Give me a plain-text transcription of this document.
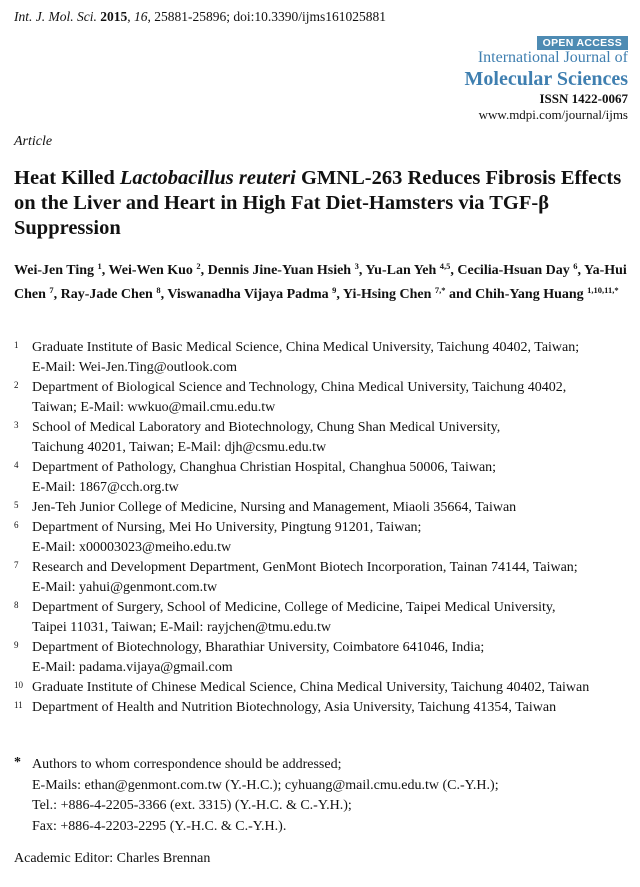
Int. J. Mol. Sci. 2015, 16, 25881-25896; doi:10.3390/ijms161025881
OPEN ACCESS
International Journal of
Molecular Sciences
ISSN 1422-0067
www.mdpi.com/journal/ijms
Article
Heat Killed Lactobacillus reuteri GMNL-263 Reduces Fibrosis Effects on the Liver and Heart in High Fat Diet-Hamsters via TGF-β Suppression
Wei-Jen Ting $^1$, Wei-Wen Kuo $^2$, Dennis Jine-Yuan Hsieh $^3$, Yu-Lan Yeh $^{4,5}$, Cecilia-Hsuan Day $^6$, Ya-Hui Chen $^7$, Ray-Jade Chen $^8$, Viswanadha Vijaya Padma $^9$, Yi-Hsing Chen $^{7,*}$ and Chih-Yang Huang $^{1,10,11,*}$
1 Graduate Institute of Basic Medical Science, China Medical University, Taichung 40402, Taiwan;
E-Mail: Wei-Jen.Ting@outlook.com
2 Department of Biological Science and Technology, China Medical University, Taichung 40402,
Taiwan; E-Mail: wwkuo@mail.cmu.edu.tw
3 School of Medical Laboratory and Biotechnology, Chung Shan Medical University,
Taichung 40201, Taiwan; E-Mail: djh@csmu.edu.tw
4 Department of Pathology, Changhua Christian Hospital, Changhua 50006, Taiwan;
E-Mail: 1867@cch.org.tw
5 Jen-Teh Junior College of Medicine, Nursing and Management, Miaoli 35664, Taiwan
6 Department of Nursing, Mei Ho University, Pingtung 91201, Taiwan;
E-Mail: x00003023@meiho.edu.tw
7 Research and Development Department, GenMont Biotech Incorporation, Tainan 74144, Taiwan;
E-Mail: yahui@genmont.com.tw
8 Department of Surgery, School of Medicine, College of Medicine, Taipei Medical University,
Taipei 11031, Taiwan; E-Mail: rayjchen@tmu.edu.tw
9 Department of Biotechnology, Bharathiar University, Coimbatore 641046, India;
E-Mail: padama.vijaya@gmail.com
10 Graduate Institute of Chinese Medical Science, China Medical University, Taichung 40402, Taiwan
11 Department of Health and Nutrition Biotechnology, Asia University, Taichung 41354, Taiwan
* Authors to whom correspondence should be addressed;
E-Mails: ethan@genmont.com.tw (Y.-H.C.); cyhuang@mail.cmu.edu.tw (C.-Y.H.);
Tel.: +886-4-2205-3366 (ext. 3315) (Y.-H.C. & C.-Y.H.);
Fax: +886-4-2203-2295 (Y.-H.C. & C.-Y.H.).
Academic Editor: Charles Brennan
